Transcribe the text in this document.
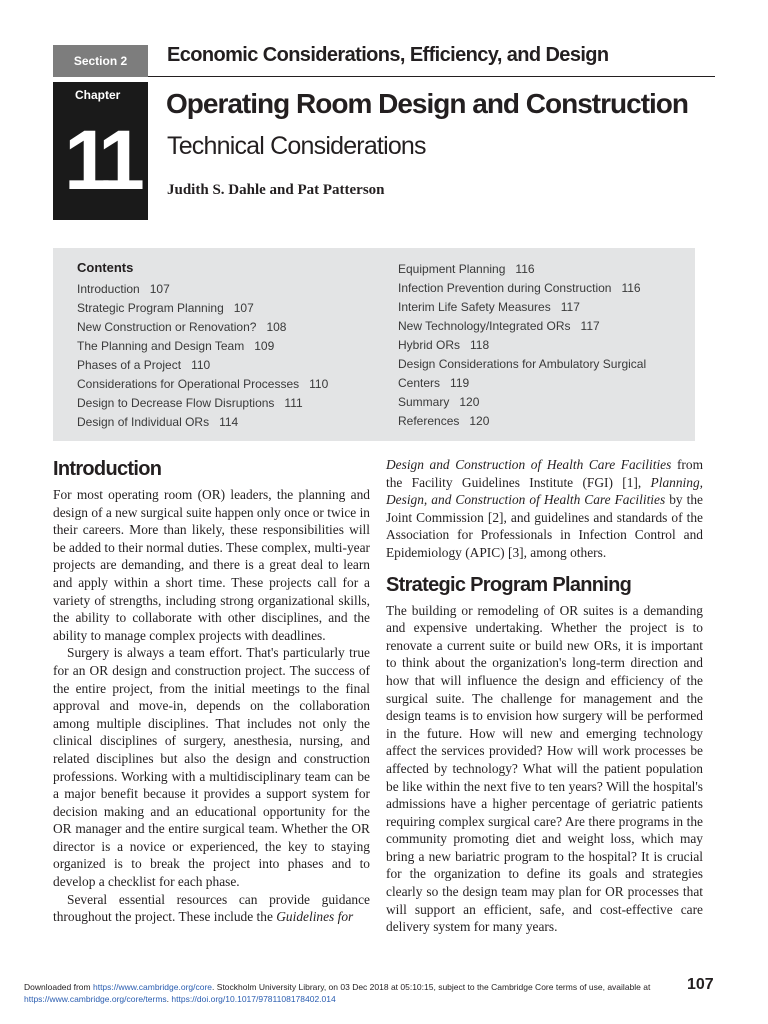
Section 2	Economic Considerations, Efficiency, and Design
Chapter
11
Operating Room Design and Construction
Technical Considerations
Judith S. Dahle and Pat Patterson
Contents
Introduction 107
Strategic Program Planning 107
New Construction or Renovation? 108
The Planning and Design Team 109
Phases of a Project 110
Considerations for Operational Processes 110
Design to Decrease Flow Disruptions 111
Design of Individual ORs 114
Equipment Planning 116
Infection Prevention during Construction 116
Interim Life Safety Measures 117
New Technology/Integrated ORs 117
Hybrid ORs 118
Design Considerations for Ambulatory Surgical
Centers 119
Summary 120
References 120
Introduction

For most operating room (OR) leaders, the planning and design of a new surgical suite happen only once or twice in their careers. More than likely, these responsibilities will be added to their normal duties. These complex, multi-year projects are demanding, and there is a great deal to learn and apply within a short time. These projects call for a variety of strengths, including strong organizational skills, the ability to collaborate with other disciplines, and the ability to manage complex projects with deadlines.

Surgery is always a team effort. That's particularly true for an OR design and construction project. The success of the entire project, from the initial meetings to the final approval and move-in, depends on the collaboration among multiple disciplines. That includes not only the clinical disciplines of surgery, anesthesia, nursing, and related disciplines but also the design and construction professions. Working with a multidisciplinary team can be a major benefit because it provides a support system for decision making and an educational opportunity for the OR manager and the entire surgical team. Whether the OR director is a novice or experienced, the key to staying organized is to break the project into phases and to develop a checklist for each phase.

Several essential resources can provide guidance throughout the project. These include the Guidelines for

Design and Construction of Health Care Facilities from the Facility Guidelines Institute (FGI) [1], Planning, Design, and Construction of Health Care Facilities by the Joint Commission [2], and guidelines and standards of the Association for Professionals in Infection Control and Epidemiology (APIC) [3], among others.

Strategic Program Planning

The building or remodeling of OR suites is a demanding and expensive undertaking. Whether the project is to renovate a current suite or build new ORs, it is important to think about the organization's long-term direction and how that will influence the design and efficiency of the surgical suite. The challenge for management and the design teams is to envision how surgery will be performed in the future. How will new and emerging technology affect the services provided? How will work processes be affected by technology? What will the patient population be like within the next five to ten years? Will the hospital's admissions have a higher percentage of geriatric patients requiring complex surgical care? Are there programs in the community promoting diet and weight loss, which may bring a new bariatric program to the hospital? It is crucial for the organization to define its goals and strategies clearly so the design team may plan for OR processes that will support an efficient, safe, and cost-effective care delivery system for many years.

Downloaded from https://www.cambridge.org/core. Stockholm University Library, on 03 Dec 2018 at 05:10:15, subject to the Cambridge Core terms of use, available at
https://www.cambridge.org/core/terms. https://doi.org/10.1017/9781108178402.014
107
